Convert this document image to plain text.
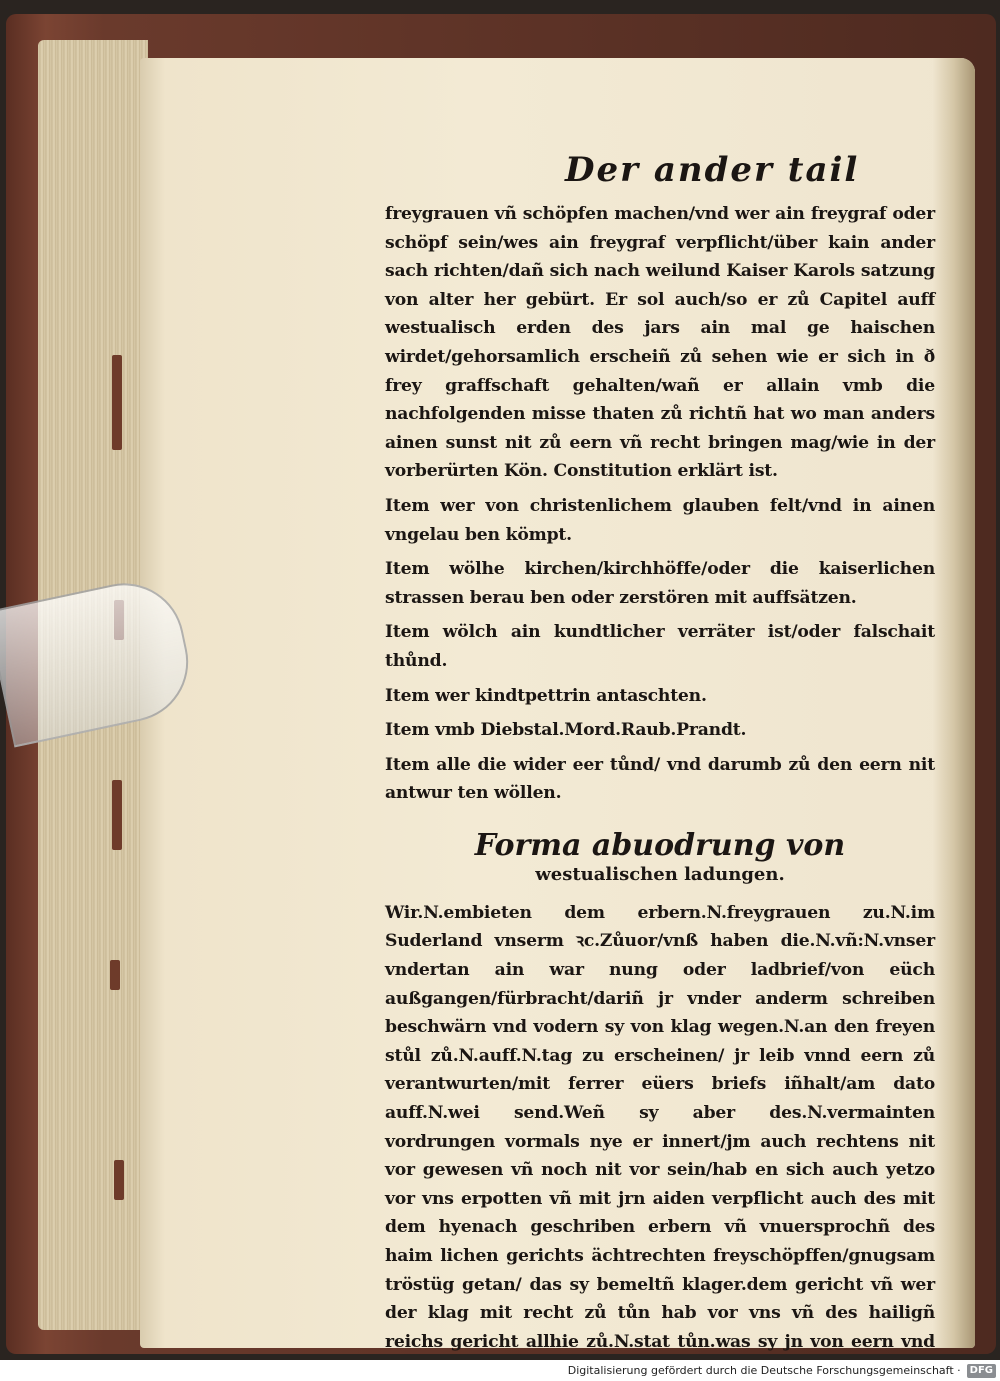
Der ander tail

freygrauen vñ schöpfen machen/vnd wer ain freygraf oder schöpf sein/wes ain freygraf verpflicht/über kain ander sach richten/dañ sich nach weilund Kaiser Karols satzung von alter her gebürt. Er sol auch/so er zů Capitel auff westualisch erden des jars ain mal ge haischen wirdet/gehorsamlich erscheiñ zů sehen wie er sich in ð frey graffschaft gehalten/wañ er allain vmb die nachfolgenden misse thaten zů richtñ hat wo man anders ainen sunst nit zů eern vñ recht bringen mag/wie in der vorberürten Kön. Constitution erklärt ist.

Item wer von christenlichem glauben felt/vnd in ainen vngelau ben kömpt.

Item wölhe kirchen/kirchhöffe/oder die kaiserlichen strassen berau ben oder zerstören mit auffsätzen.

Item wölch ain kundtlicher verräter ist/oder falschait thůnd.

Item wer kindtpettrin antaschten.

Item vmb Diebstal.Mord.Raub.Prandt.

Item alle die wider eer tůnd/ vnd darumb zů den eern nit antwur ten wöllen.

Forma abuodrung von
westualischen ladungen.

Wir.N.embieten dem erbern.N.freygrauen zu.N.im Suderland vnserm ꝛc.Zůuor/vnß haben die.N.vñ:N.vnser vndertan ain war nung oder ladbrief/von eüch außgangen/fürbracht/dariñ jr vnder anderm schreiben beschwärn vnd vodern sy von klag wegen.N.an den freyen stůl zů.N.auff.N.tag zu erscheinen/ jr leib vnnd eern zů verantwurten/mit ferrer eüers briefs iñhalt/am dato auff.N.wei send.Weñ sy aber des.N.vermainten vordrungen vormals nye er innert/jm auch rechtens nit vor gewesen vñ noch nit vor sein/hab en sich auch yetzo vor vns erpotten vñ mit jrn aiden verpflicht auch des mit dem hyenach geschriben erbern vñ vnuersprochñ des haim lichen gerichts ächtrechten freyschöpffen/gnugsam tröstüg getan/ das sy bemeltñ klager.dem gericht vñ wer der klag mit recht zů tůn hab vor vns vñ des hailigñ reichs gericht allhie zů.N.stat tůn.was sy jn von eern vnd

Digitalisierung gefördert durch die Deutsche Forschungsgemeinschaft · DFG
